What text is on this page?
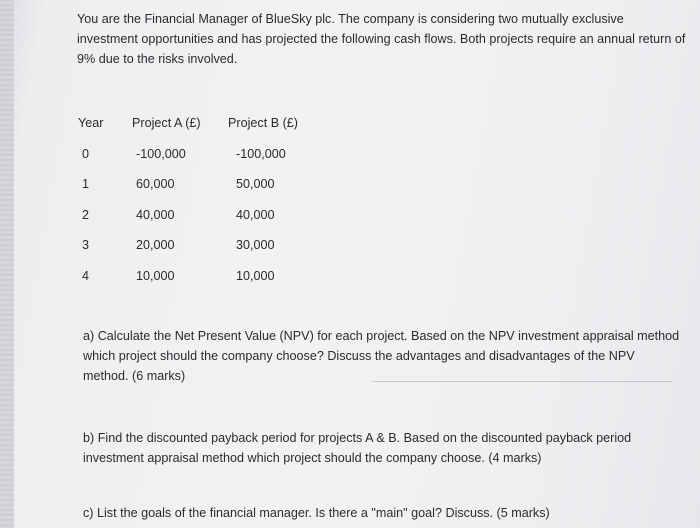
You are the Financial Manager of BlueSky plc. The company is considering two mutually exclusive investment opportunities and has projected the following cash flows. Both projects require an annual return of 9% due to the risks involved.

Year	Project A (£)	Project B (£)
0	-100,000	-100,000
1	60,000	50,000
2	40,000	40,000
3	20,000	30,000
4	10,000	10,000

a) Calculate the Net Present Value (NPV) for each project. Based on the NPV investment appraisal method which project should the company choose? Discuss the advantages and disadvantages of the NPV method. (6 marks)

b) Find the discounted payback period for projects A & B. Based on the discounted payback period investment appraisal method which project should the company choose. (4 marks)

c) List the goals of the financial manager. Is there a "main" goal? Discuss. (5 marks)
